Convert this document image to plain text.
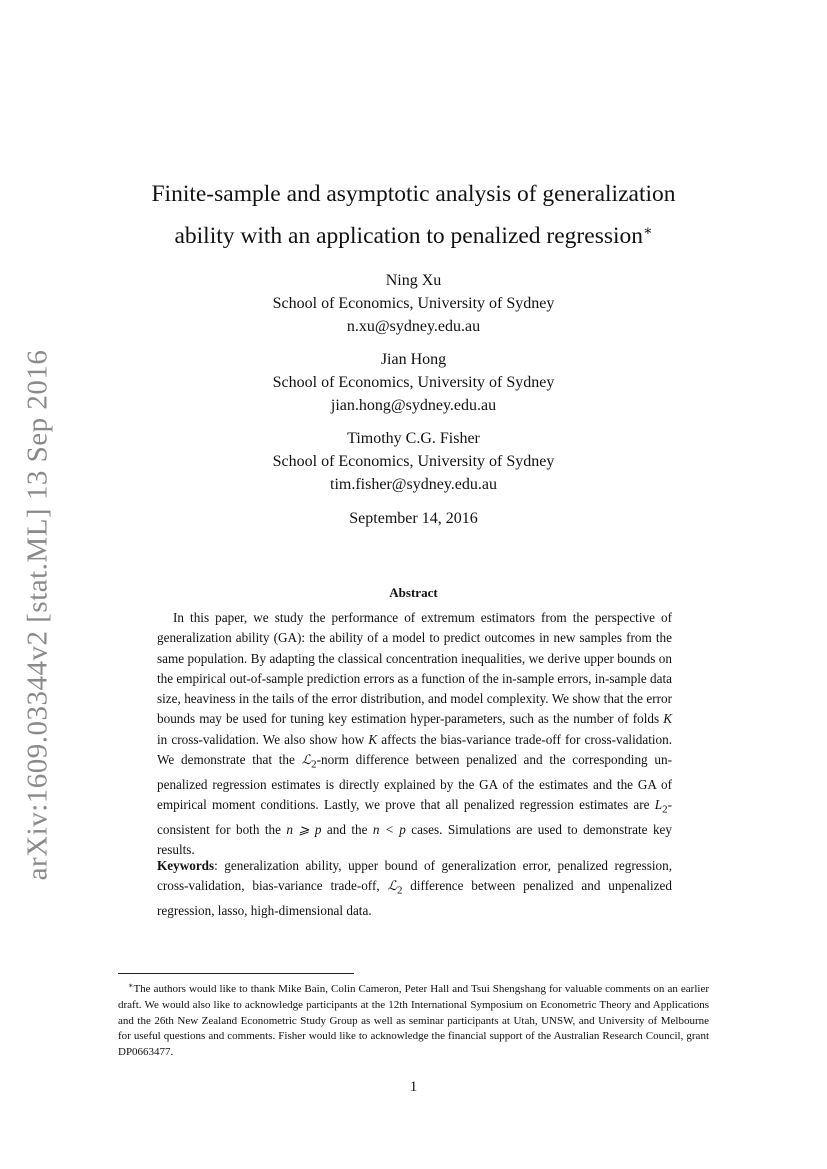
arXiv:1609.03344v2 [stat.ML] 13 Sep 2016
Finite-sample and asymptotic analysis of generalization
ability with an application to penalized regression∗
Ning Xu
School of Economics, University of Sydney
n.xu@sydney.edu.au
Jian Hong
School of Economics, University of Sydney
jian.hong@sydney.edu.au
Timothy C.G. Fisher
School of Economics, University of Sydney
tim.fisher@sydney.edu.au
September 14, 2016
Abstract

In this paper, we study the performance of extremum estimators from the perspective of generalization ability (GA): the ability of a model to predict outcomes in new samples from the same population. By adapting the classical concentration inequalities, we derive upper bounds on the empirical out-of-sample prediction errors as a function of the in-sample errors, in-sample data size, heaviness in the tails of the error distribution, and model complexity. We show that the error bounds may be used for tuning key estimation hyper-parameters, such as the number of folds K in cross-validation. We also show how K affects the bias-variance trade-off for cross-validation. We demonstrate that the ℒ$_2$-norm difference between penalized and the corresponding un-penalized regression estimates is directly explained by the GA of the estimates and the GA of empirical moment conditions. Lastly, we prove that all penalized regression estimates are $L_2$-consistent for both the n ⩾ p and the n < p cases. Simulations are used to demonstrate key results.

Keywords: generalization ability, upper bound of generalization error, penalized regression, cross-validation, bias-variance trade-off, ℒ$_2$ difference between penalized and unpenalized regression, lasso, high-dimensional data.

∗The authors would like to thank Mike Bain, Colin Cameron, Peter Hall and Tsui Shengshang for valuable comments on an earlier draft. We would also like to acknowledge participants at the 12th International Symposium on Econometric Theory and Applications and the 26th New Zealand Econometric Study Group as well as seminar participants at Utah, UNSW, and University of Melbourne for useful questions and comments. Fisher would like to acknowledge the financial support of the Australian Research Council, grant DP0663477.

1
